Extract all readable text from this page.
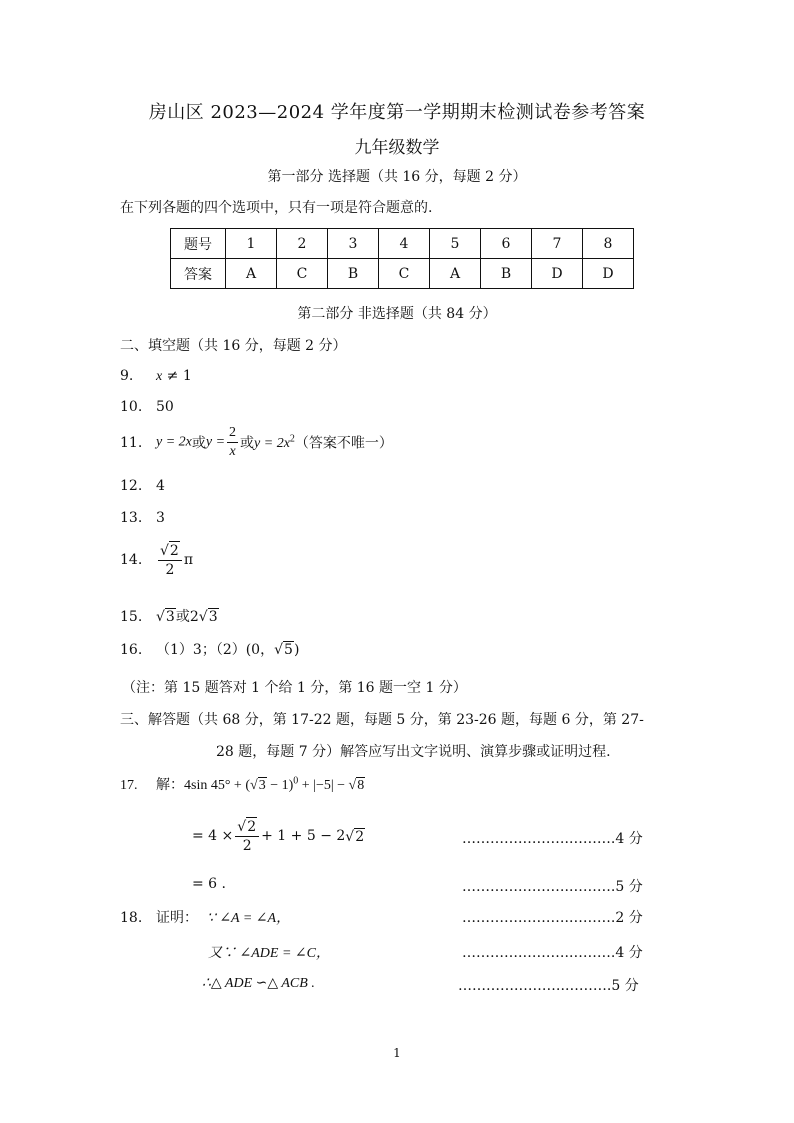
房山区 2023—2024 学年度第一学期期末检测试卷参考答案
九年级数学
第一部分 选择题（共 16 分，每题 2 分）
在下列各题的四个选项中，只有一项是符合题意的.
题号	1	2	3	4	5	6	7	8
答案	A	C	B	C	A	B	D	D
第二部分 非选择题（共 84 分）
二、填空题（共 16 分，每题 2 分）
9. x ≠ 1
10. 50
11. y = 2x或$y = \frac{2}{x}$ 或$y = 2x^2$（答案不唯一）
12. 4
13. 3
14. $\frac{√2}{2}$ π
15. √3或2√3
16. （1）3；（2）(0，√5)
（注：第 15 题答对 1 个给 1 分，第 16 题一空 1 分）
三、解答题（共 68 分，第 17-22 题，每题 5 分，第 23-26 题，每题 6 分，第 27-
28 题，每题 7 分）解答应写出文字说明、演算步骤或证明过程.
17. 解：4sin $45^\circ + (√3 - 1)^0 + |-5| - √8$
= $4 \times \frac{√2}{2} + 1 + 5 - 2√2$	………….……….……….4 分
= 6 .	………….……….……….5 分
18. 证明： ∵ ∠A = ∠A，	………….……….……….2 分
又∵ ∠ADE = ∠C，	………….……….……….4 分
∴△ ADE ∽△ ACB .	………….……….……….5 分
1
